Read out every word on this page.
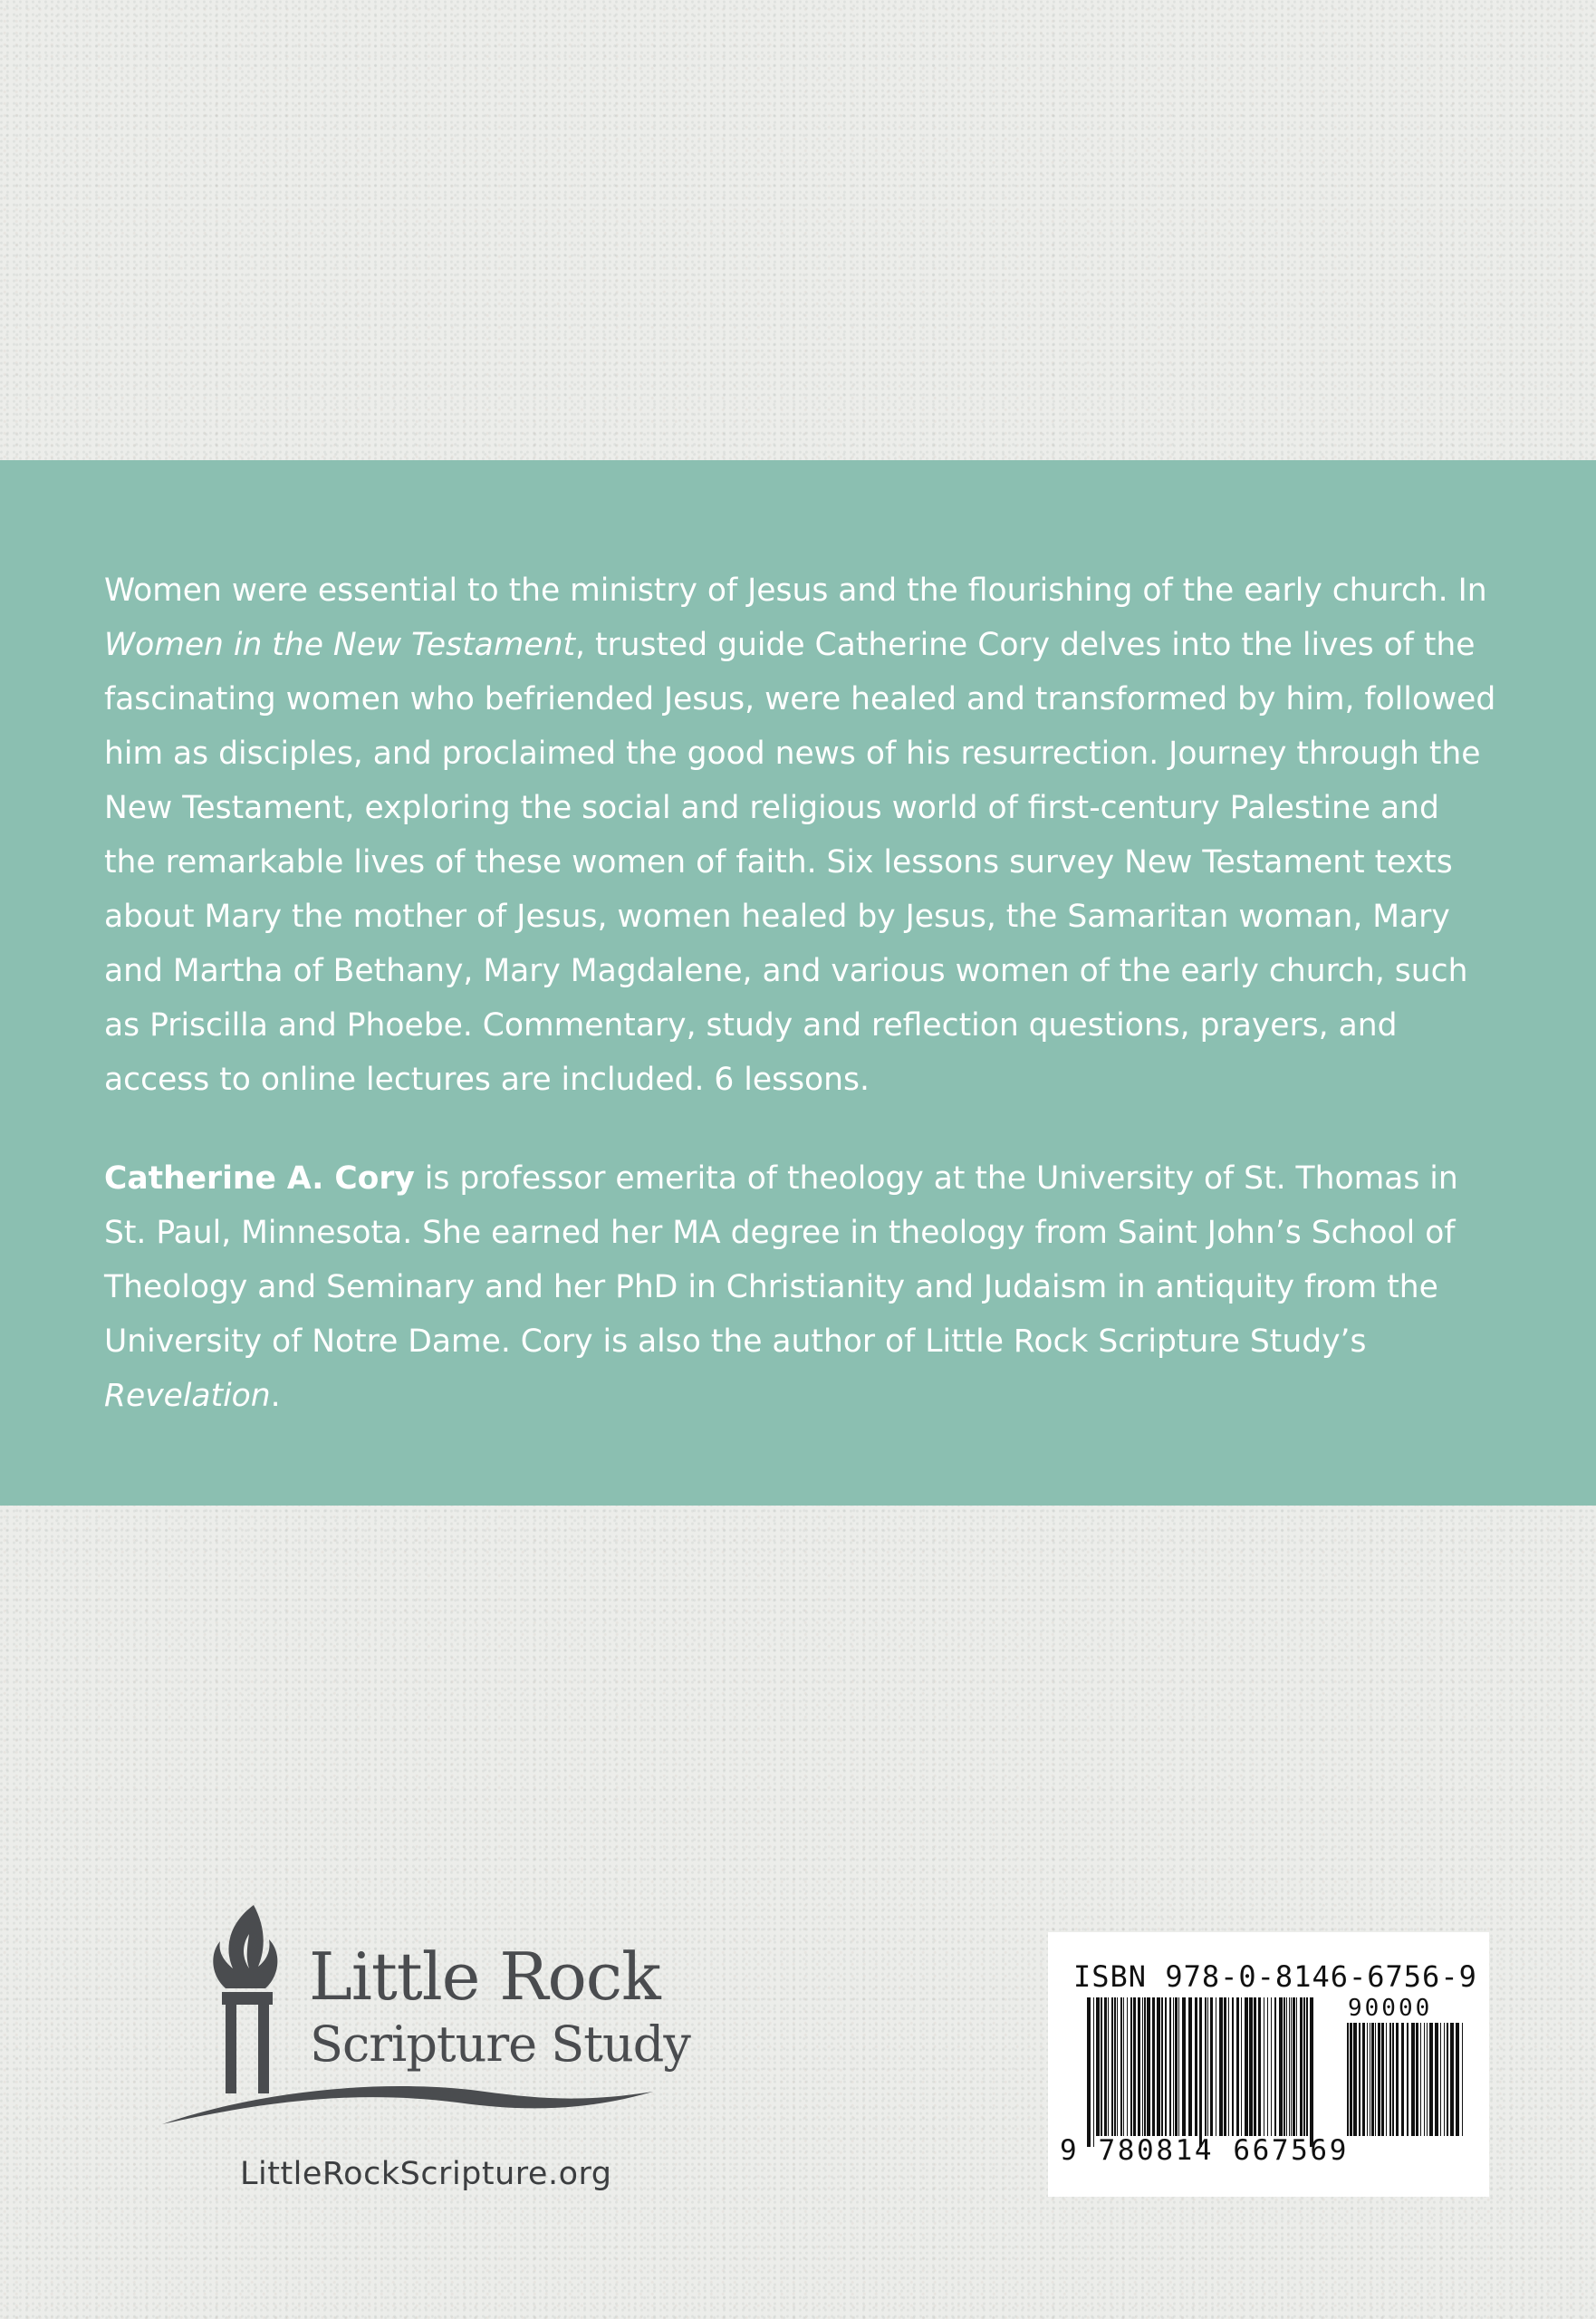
Women were essential to the ministry of Jesus and the flourishing of the early church. In
Women in the New Testament, trusted guide Catherine Cory delves into the lives of the fascinating women who befriended Jesus, were healed and transformed by him, followed him as disciples, and proclaimed the good news of his resurrection. Journey through the New Testament, exploring the social and religious world of first-century Palestine and the remarkable lives of these women of faith. Six lessons survey New Testament texts about Mary the mother of Jesus, women healed by Jesus, the Samaritan woman, Mary and Martha of Bethany, Mary Magdalene, and various women of the early church, such as Priscilla and Phoebe. Commentary, study and reflection questions, prayers, and access to online lectures are included. 6 lessons.

Catherine A. Cory is professor emerita of theology at the University of St. Thomas in St. Paul, Minnesota. She earned her MA degree in theology from Saint John’s School of Theology and Seminary and her PhD in Christianity and Judaism in antiquity from the University of Notre Dame. Cory is also the author of Little Rock Scripture Study’s Revelation.

Little Rock

Scripture Study

LittleRockScripture.org

ISBN 978-0-8146-6756-9

90000

9 780814 667569
